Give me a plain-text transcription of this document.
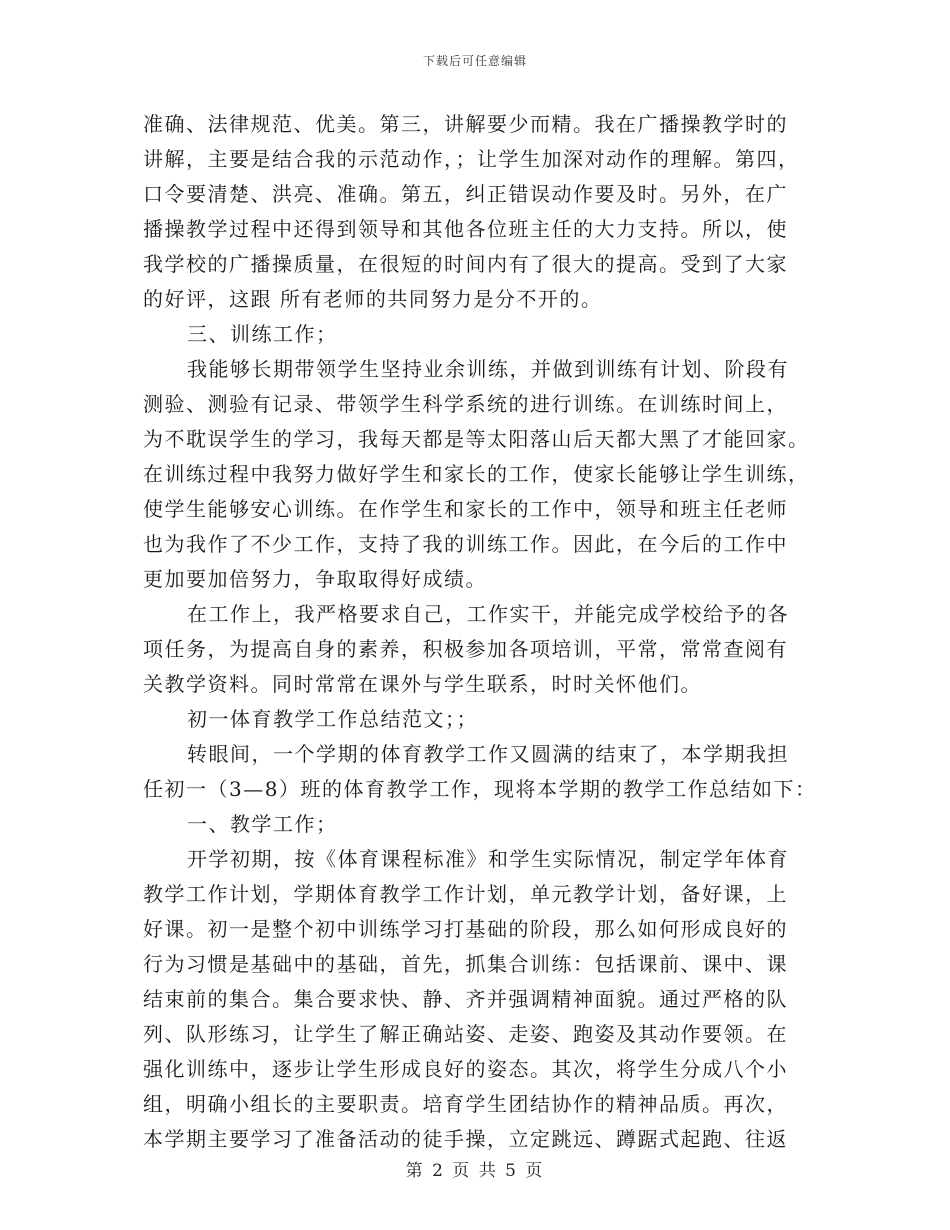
下载后可任意编辑
准确、法律规范、优美。第三，讲解要少而精。我在广播操教学时的
讲解，主要是结合我的示范动作，；让学生加深对动作的理解。第四，
口令要清楚、洪亮、准确。第五，纠正错误动作要及时。另外，在广
播操教学过程中还得到领导和其他各位班主任的大力支持。所以，使
我学校的广播操质量，在很短的时间内有了很大的提高。受到了大家
的好评，这跟 所有老师的共同努力是分不开的。
三、训练工作；
我能够长期带领学生坚持业余训练，并做到训练有计划、阶段有
测验、测验有记录、带领学生科学系统的进行训练。在训练时间上，
为不耽误学生的学习，我每天都是等太阳落山后天都大黑了才能回家。
在训练过程中我努力做好学生和家长的工作，使家长能够让学生训练，
使学生能够安心训练。在作学生和家长的工作中，领导和班主任老师
也为我作了不少工作，支持了我的训练工作。因此，在今后的工作中
更加要加倍努力，争取取得好成绩。
在工作上，我严格要求自己，工作实干，并能完成学校给予的各
项任务，为提高自身的素养，积极参加各项培训，平常，常常查阅有
关教学资料。同时常常在课外与学生联系，时时关怀他们。
初一体育教学工作总结范文；；
转眼间，一个学期的体育教学工作又圆满的结束了，本学期我担
任初一（3—8）班的体育教学工作，现将本学期的教学工作总结如下：
一、教学工作；
开学初期，按《体育课程标准》和学生实际情况，制定学年体育
教学工作计划，学期体育教学工作计划，单元教学计划，备好课，上
好课。初一是整个初中训练学习打基础的阶段，那么如何形成良好的
行为习惯是基础中的基础，首先，抓集合训练：包括课前、课中、课
结束前的集合。集合要求快、静、齐并强调精神面貌。通过严格的队
列、队形练习，让学生了解正确站姿、走姿、跑姿及其动作要领。在
强化训练中，逐步让学生形成良好的姿态。其次，将学生分成八个小
组，明确小组长的主要职责。培育学生团结协作的精神品质。再次，
本学期主要学习了准备活动的徒手操，立定跳远、蹲踞式起跑、往返
第 2 页 共 5 页
